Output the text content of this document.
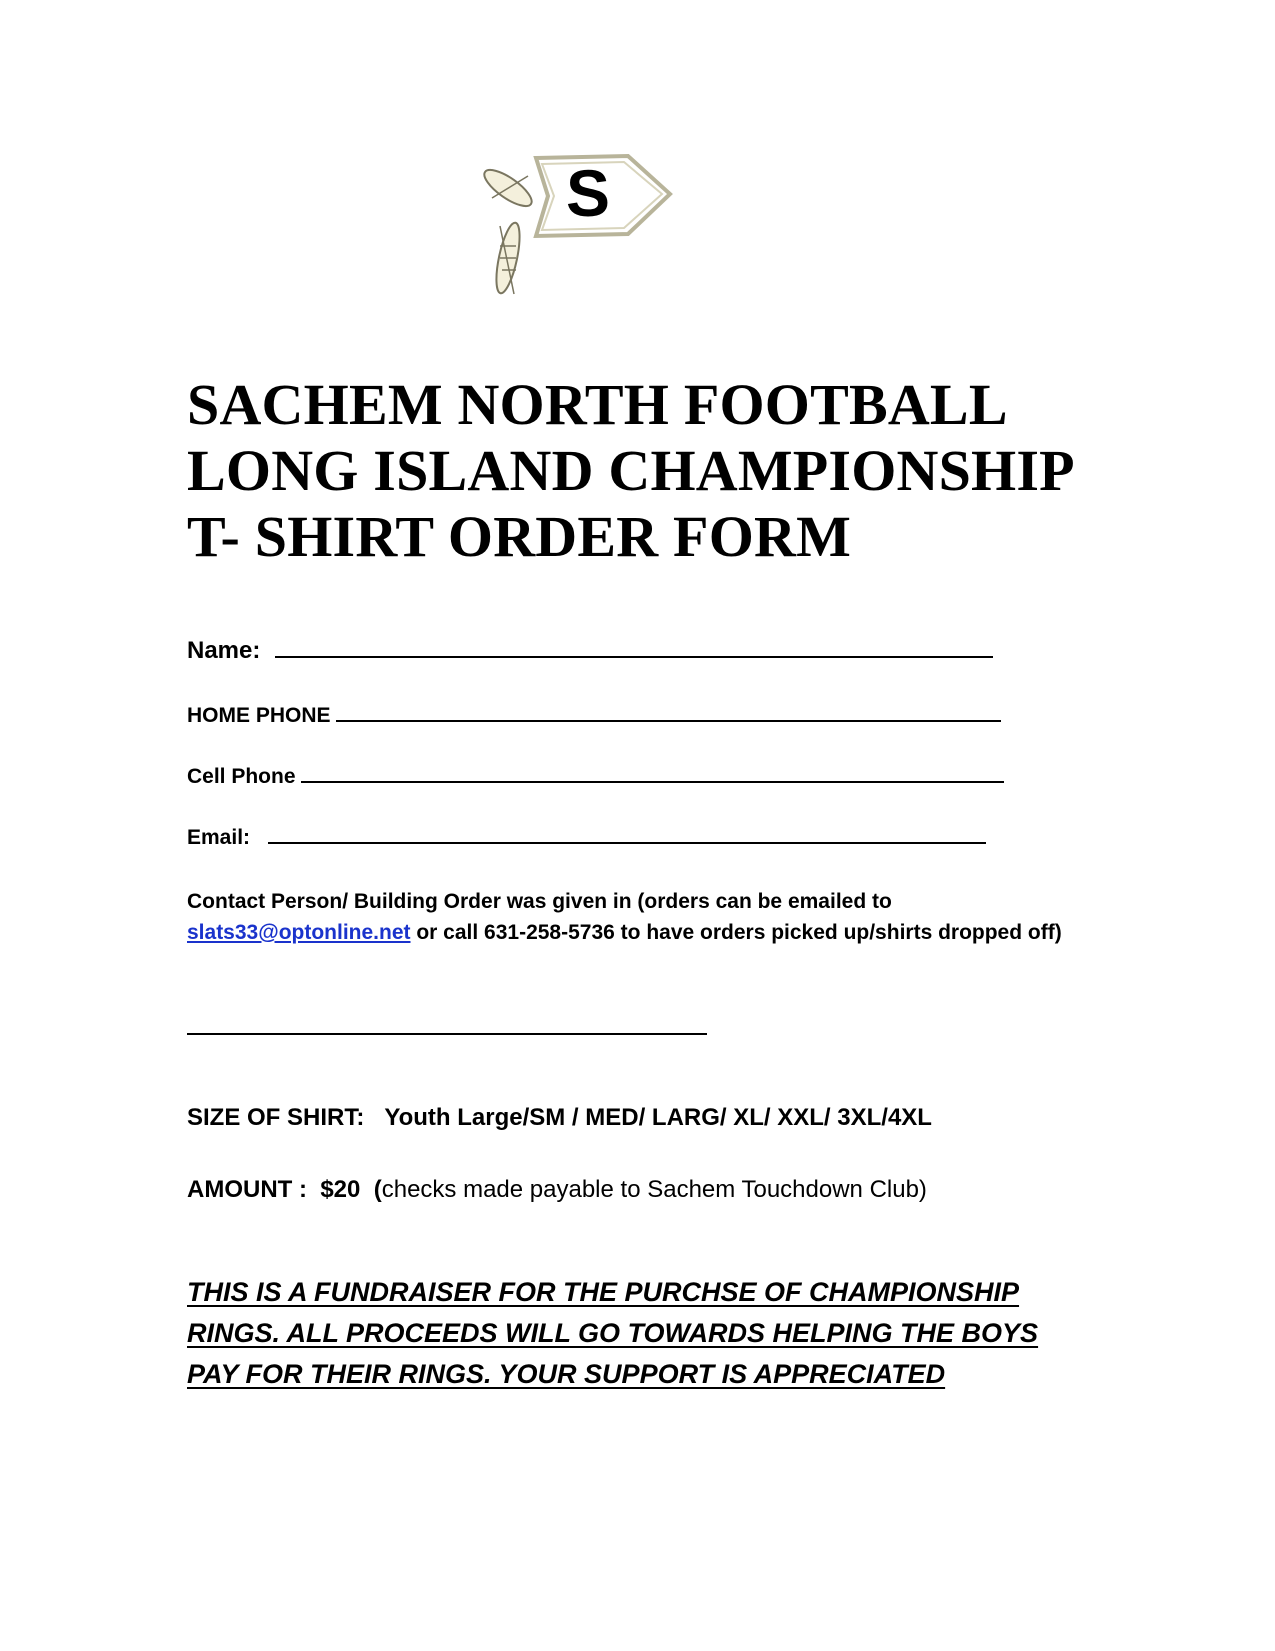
S
SACHEM NORTH FOOTBALL
LONG ISLAND CHAMPIONSHIP
T- SHIRT ORDER FORM
Name:
HOME PHONE
Cell Phone
Email:
Contact Person/ Building Order was given in (orders can be emailed to slats33@optonline.net or call 631-258-5736 to have orders picked up/shirts dropped off)
SIZE OF SHIRT: Youth Large/SM / MED/ LARG/ XL/ XXL/ 3XL/4XL
AMOUNT : $20 (checks made payable to Sachem Touchdown Club)
THIS IS A FUNDRAISER FOR THE PURCHSE OF CHAMPIONSHIP RINGS. ALL PROCEEDS WILL GO TOWARDS HELPING THE BOYS PAY FOR THEIR RINGS. YOUR SUPPORT IS APPRECIATED
